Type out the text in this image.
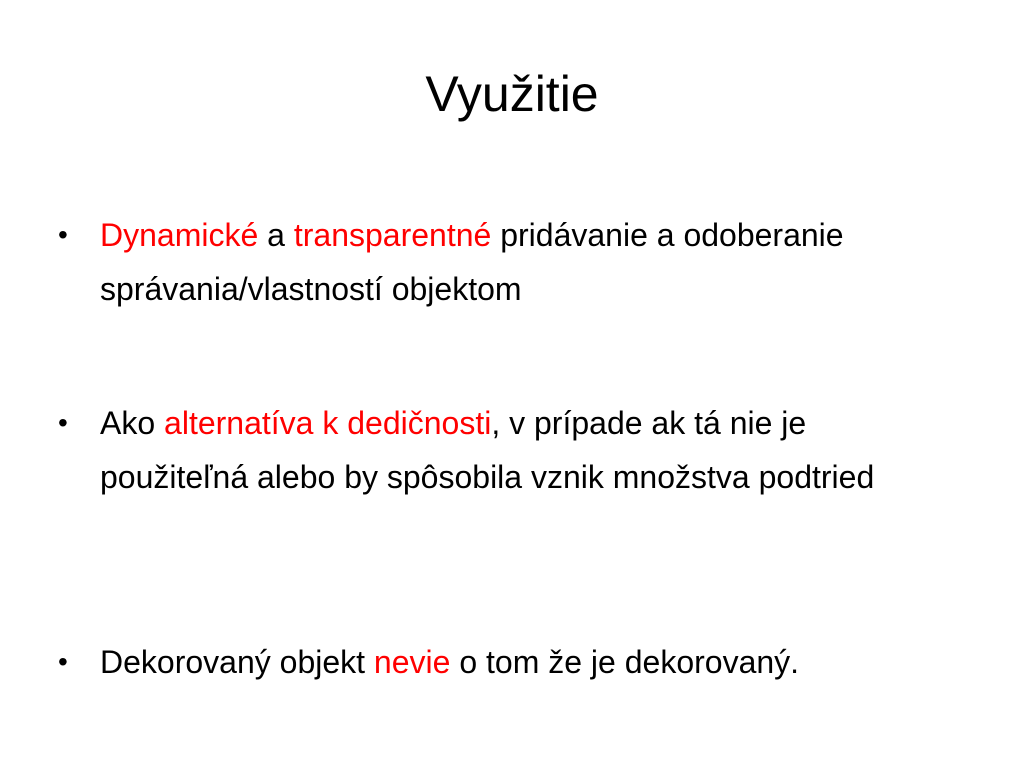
Využitie
•	Dynamické a transparentné pridávanie a odoberanie správania/vlastností objektom
•	Ako alternatíva k dedičnosti, v prípade ak tá nie je použiteľná alebo by spôsobila vznik množstva podtried
•	Dekorovaný objekt nevie o tom že je dekorovaný.
